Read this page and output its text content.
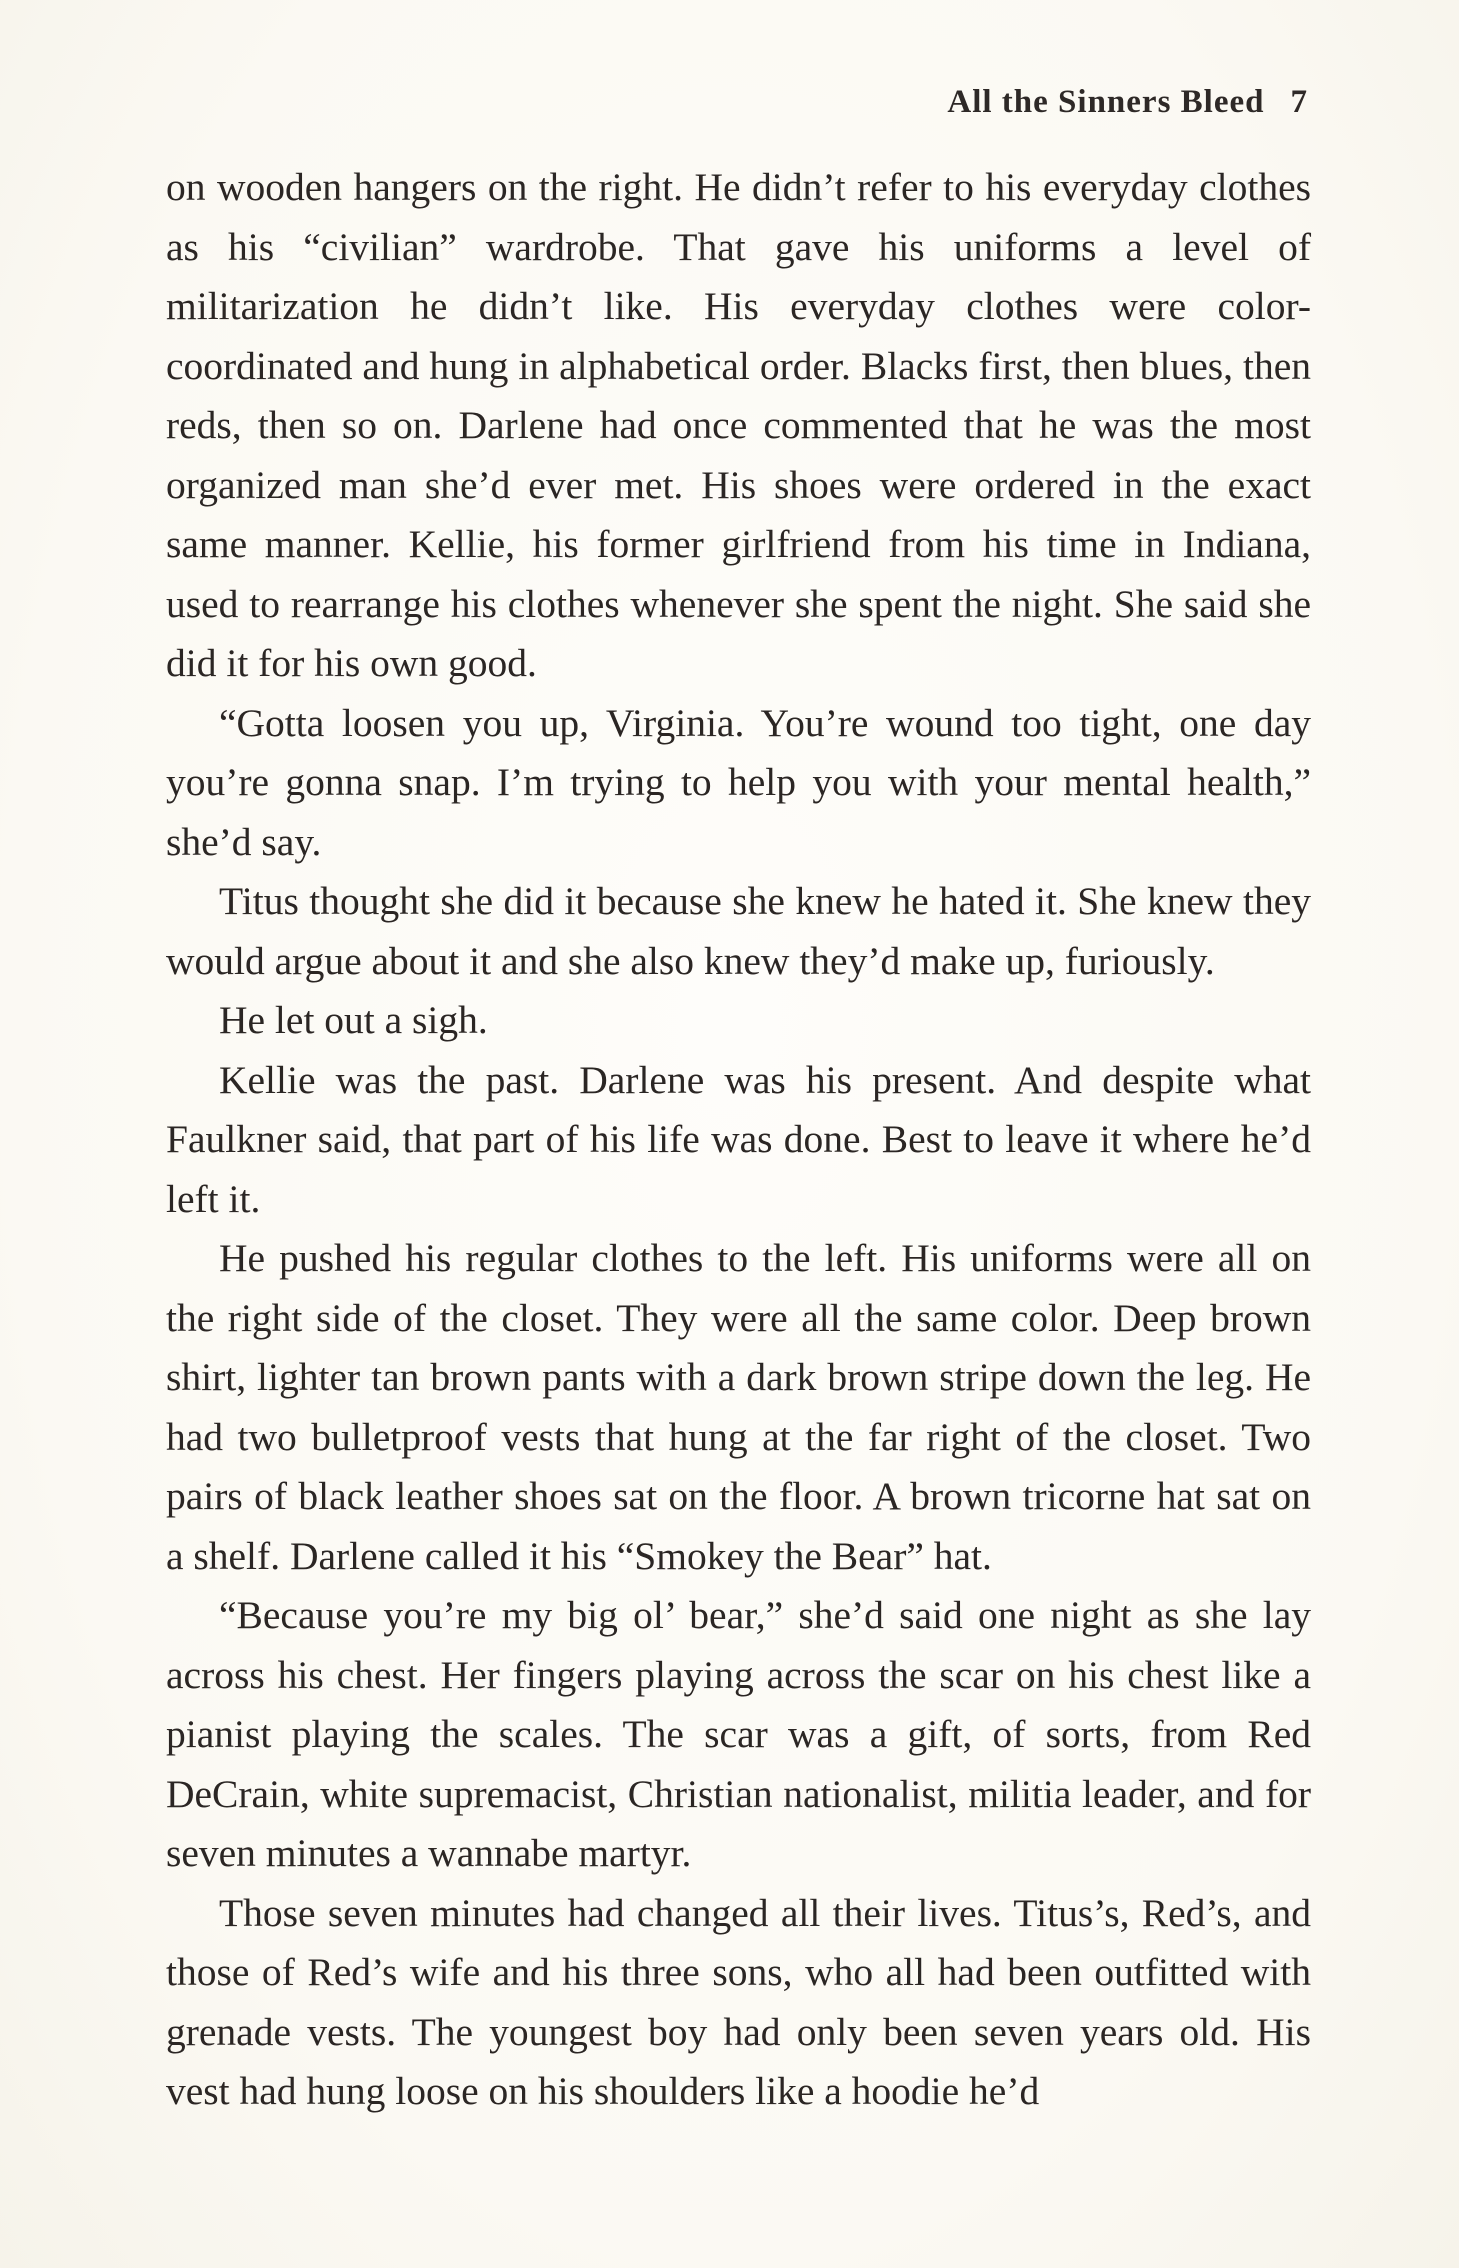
All the Sinners Bleed 7

on wooden hangers on the right. He didn’t refer to his everyday clothes as his “civilian” wardrobe. That gave his uniforms a level of militarization he didn’t like. His everyday clothes were color-coordinated and hung in alphabetical order. Blacks first, then blues, then reds, then so on. Darlene had once commented that he was the most organized man she’d ever met. His shoes were ordered in the exact same manner. Kellie, his former girlfriend from his time in Indiana, used to rearrange his clothes whenever she spent the night. She said she did it for his own good.

“Gotta loosen you up, Virginia. You’re wound too tight, one day you’re gonna snap. I’m trying to help you with your mental health,” she’d say.

Titus thought she did it because she knew he hated it. She knew they would argue about it and she also knew they’d make up, furiously.

He let out a sigh.

Kellie was the past. Darlene was his present. And despite what Faulkner said, that part of his life was done. Best to leave it where he’d left it.

He pushed his regular clothes to the left. His uniforms were all on the right side of the closet. They were all the same color. Deep brown shirt, lighter tan brown pants with a dark brown stripe down the leg. He had two bulletproof vests that hung at the far right of the closet. Two pairs of black leather shoes sat on the floor. A brown tricorne hat sat on a shelf. Darlene called it his “Smokey the Bear” hat.

“Because you’re my big ol’ bear,” she’d said one night as she lay across his chest. Her fingers playing across the scar on his chest like a pianist playing the scales. The scar was a gift, of sorts, from Red DeCrain, white supremacist, Christian nationalist, militia leader, and for seven minutes a wannabe martyr.

Those seven minutes had changed all their lives. Titus’s, Red’s, and those of Red’s wife and his three sons, who all had been outfitted with grenade vests. The youngest boy had only been seven years old. His vest had hung loose on his shoulders like a hoodie he’d
